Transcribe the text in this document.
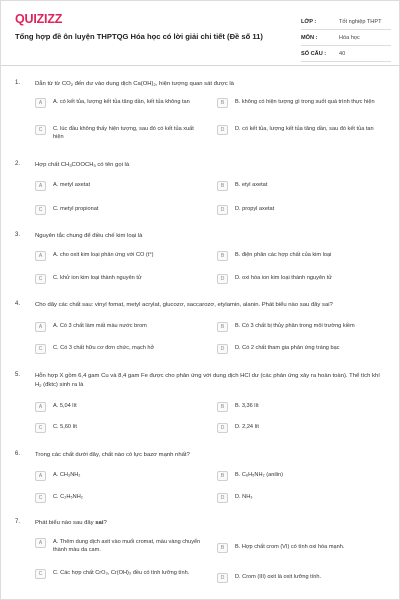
QUIZIZZ
Tổng hợp đề ôn luyện THPTQG Hóa học có lời giải chi tiết (Đề số 11)
LỚP :	Tốt nghiệp THPT
MÔN :	Hóa học
SỐ CÂU :	40
1.	Dẫn từ từ $CO_2$ đến dư vào dung dịch $Ca(OH)_2$, hiện tượng quan sát được là
A	A. có kết tủa, lượng kết tủa tăng dần, kết tủa không tan	B	B. không có hiện tượng gì trong suốt quá trình thực hiện
C	C. lúc đầu không thấy hiện tượng, sau đó có kết tủa xuất hiện
D	D. có kết tủa, lượng kết tủa tăng dần, sau đó kết tủa tan
2.	Hợp chất $CH_3COOCH_3$ có tên gọi là
A	A. metyl axetat	B	B. etyl axetat
C	C. metyl propionat	D	D. propyl axetat
3.	Nguyên tắc chung để điều chế kim loại là
A	A. cho oxit kim loại phản ứng với CO (t°)	B	B. điện phân các hợp chất của kim loại
C	C. khử ion kim loại thành nguyên tử	D	D. oxi hóa ion kim loại thành nguyên tử
4.	Cho dãy các chất sau: vinyl fomat, metyl acrylat, glucozơ, saccarozơ, etylamin, alanin. Phát biểu nào sau đây sai?
A	A. Có 3 chất làm mất màu nước brom	B	B. Có 3 chất bị thủy phân trong môi trường kiềm
C	C. Có 3 chất hữu cơ đơn chức, mạch hở	D	D. Có 2 chất tham gia phản ứng tráng bạc
5.	Hỗn hợp X gồm 6,4 gam Cu và 8,4 gam Fe được cho phản ứng với dung dịch HCl dư (các phản ứng xảy ra hoàn toàn). Thể tích khí $H_2$ (đktc) sinh ra là
A	A. 5,04 lít	B	B. 3,36 lít
C	C. 5,60 lít	D	D. 2,24 lít
6.	Trong các chất dưới đây, chất nào có lực bazơ mạnh nhất?
A	A. CH₃NH₂	B	B. C₆H₅NH₂ (anilin)
C	C. C₂H₅NH₂	D	D. NH₃
7.	Phát biểu nào sau đây sai?
A	A. Thêm dung dịch axit vào muối cromat, màu vàng chuyển thành màu da cam.	B	B. Hợp chất crom (VI) có tính oxi hóa mạnh.
C	C. Các hợp chất CrO₃, Cr(OH)₃ đều có tính lưỡng tính.
D	D. Crom (III) oxit là oxit lưỡng tính.
